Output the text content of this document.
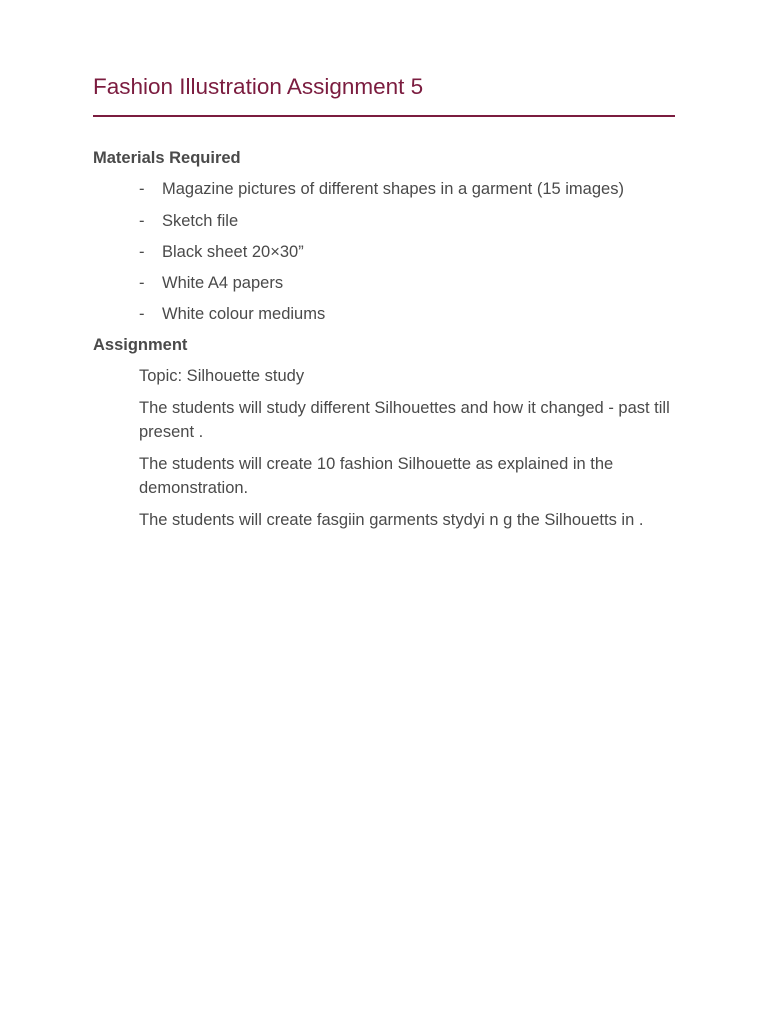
Fashion Illustration Assignment 5

Materials Required

- Magazine pictures of different shapes in a garment (15 images)
- Sketch file
- Black sheet 20×30”
- White A4 papers
- White colour mediums

Assignment

Topic: Silhouette study

The students will study different Silhouettes and how it changed - past till present .

The students will create 10 fashion Silhouette as explained in the demonstration.

The students will create fasgiin garments stydyi n g the Silhouetts in .
